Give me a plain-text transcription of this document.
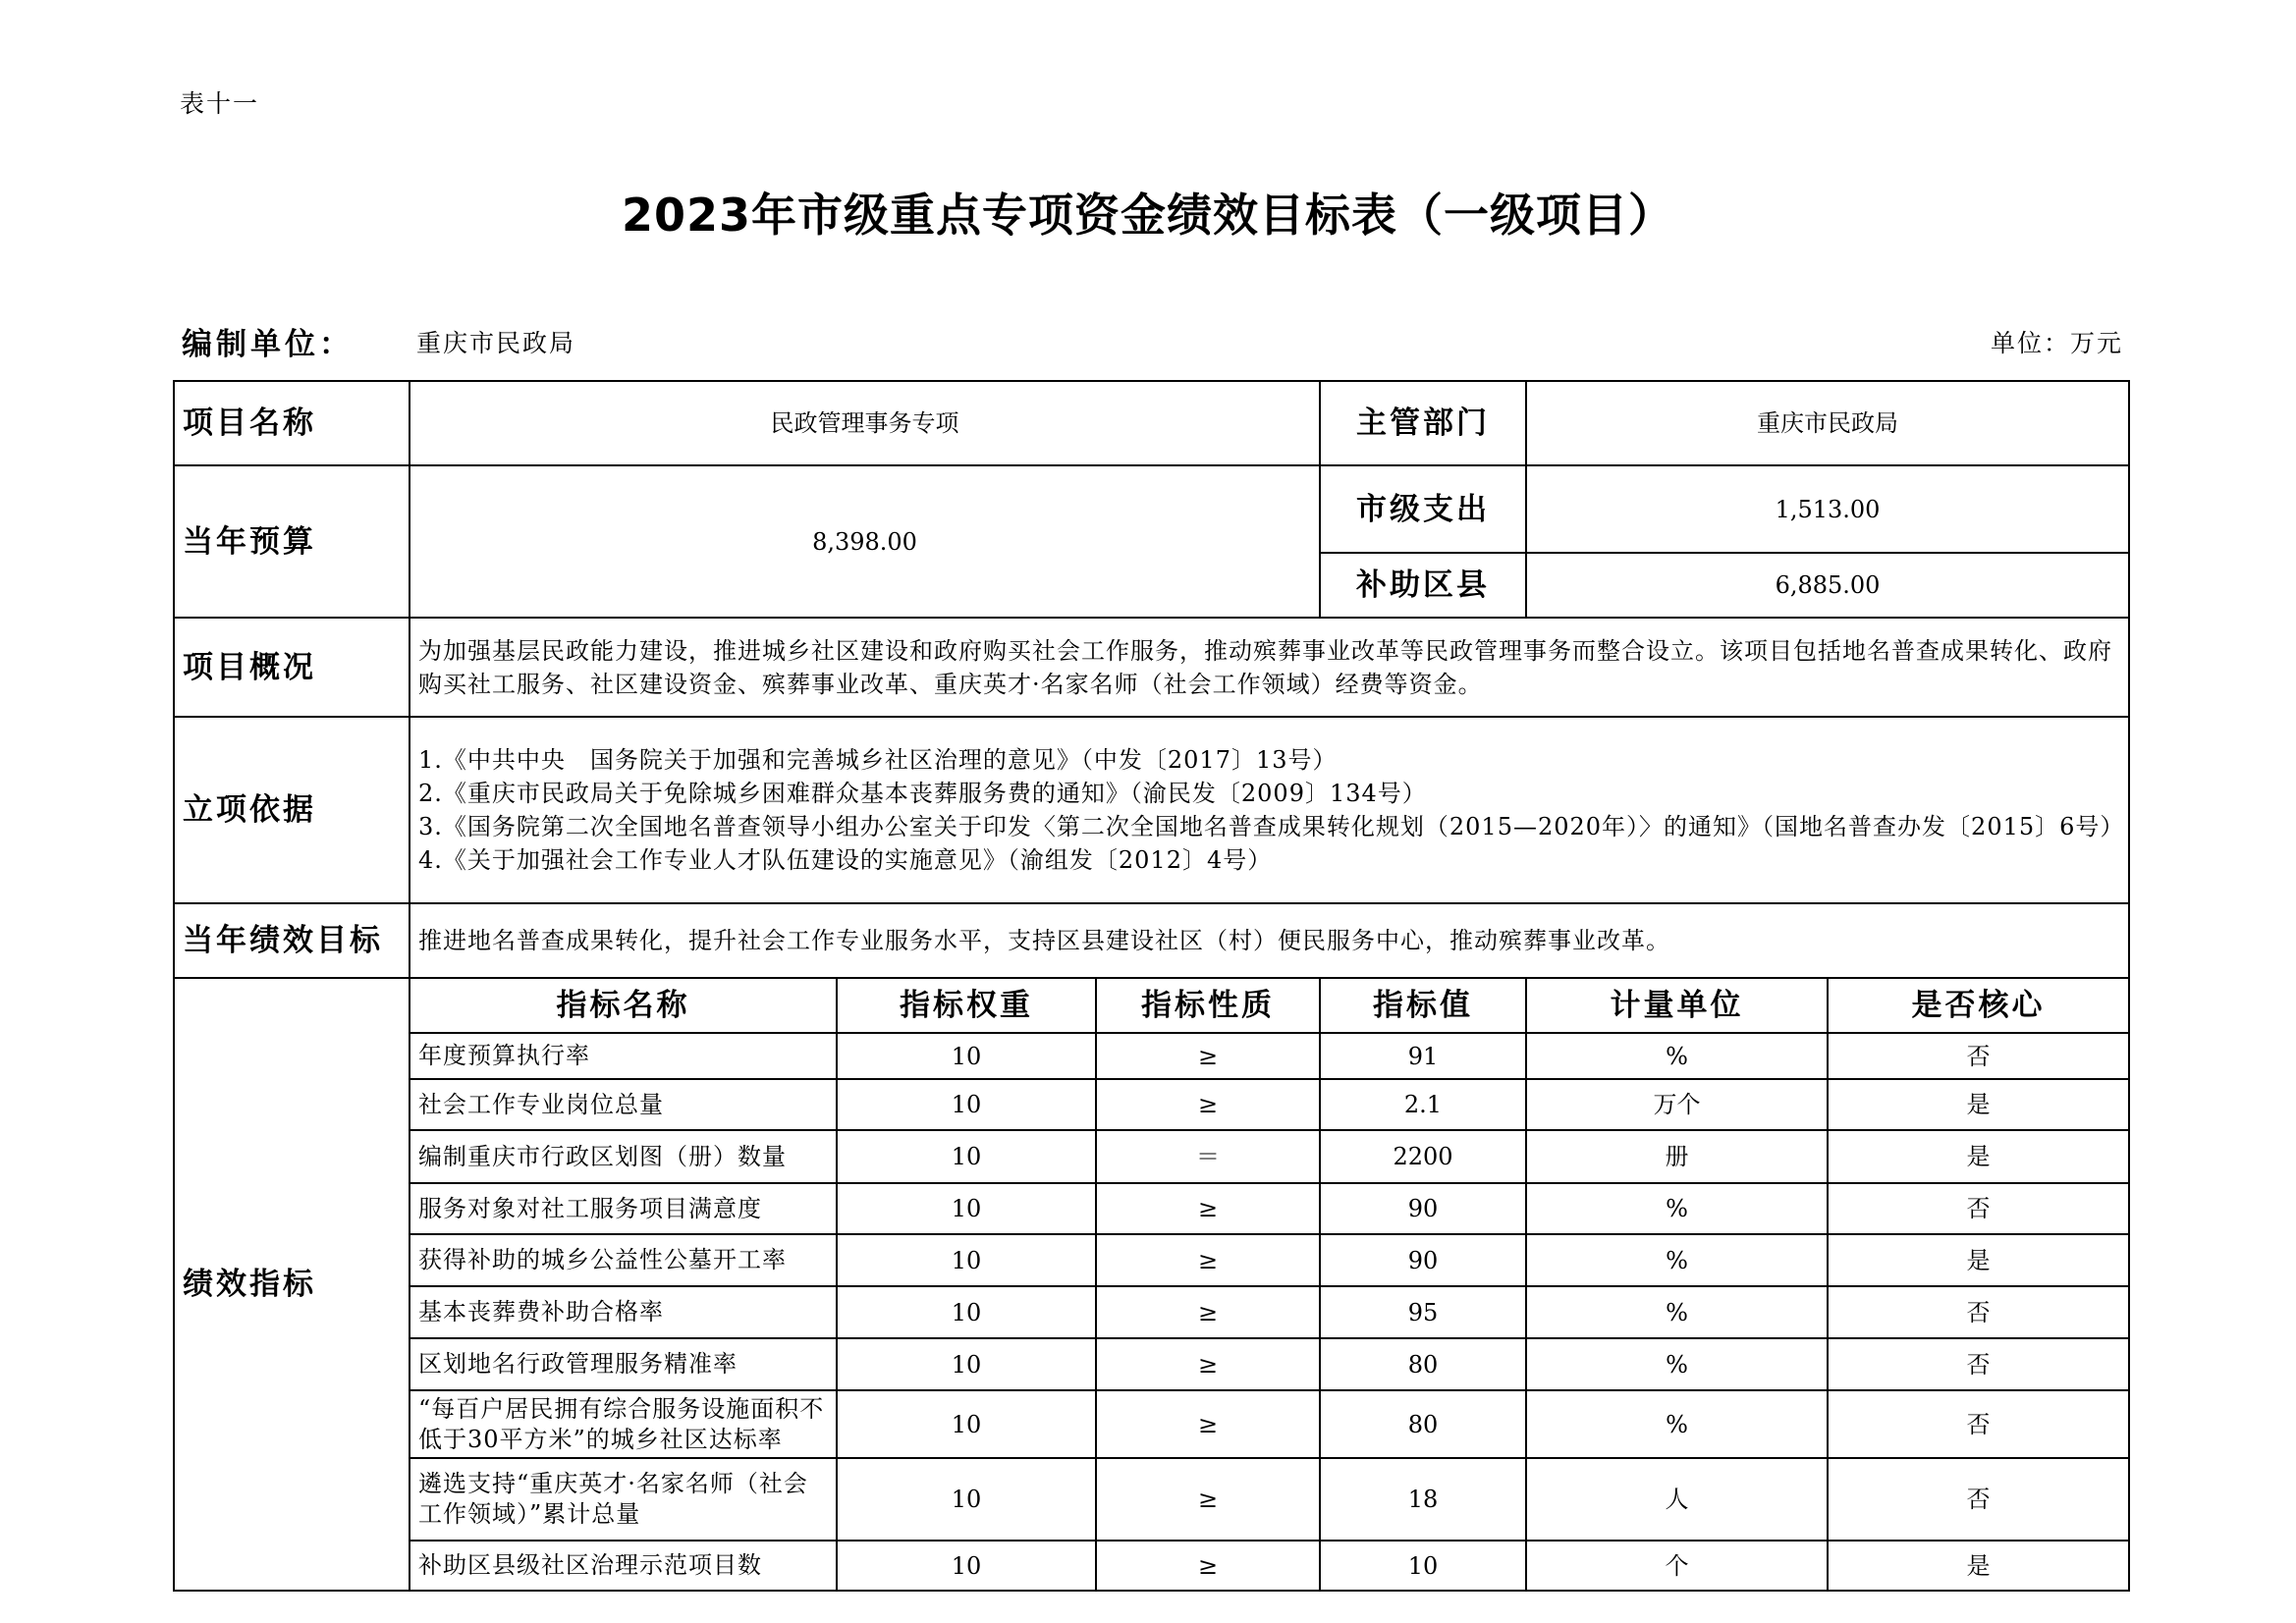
表十一
2023年市级重点专项资金绩效目标表（一级项目）
编制单位：	重庆市民政局	单位：万元
项目名称	民政管理事务专项			主管部门	重庆市民政局	
当年预算	8,398.00			市级支出	1,513.00	
				补助区县	6,885.00	
项目概况	为加强基层民政能力建设，推进城乡社区建设和政府购买社会工作服务，推动殡葬事业改革等民政管理事务而整合设立。该项目包括地名普查成果转化、政府购买社工服务、社区建设资金、殡葬事业改革、重庆英才·名家名师（社会工作领域）经费等资金。					
立项依据	1.《中共中央　国务院关于加强和完善城乡社区治理的意见》（中发〔2017〕13号）
2.《重庆市民政局关于免除城乡困难群众基本丧葬服务费的通知》（渝民发〔2009〕134号）
3.《国务院第二次全国地名普查领导小组办公室关于印发〈第二次全国地名普查成果转化规划（2015—2020年）〉的通知》（国地名普查办发〔2015〕6号）
4.《关于加强社会工作专业人才队伍建设的实施意见》（渝组发〔2012〕4号）					

当年绩效目标	推进地名普查成果转化，提升社会工作专业服务水平，支持区县建设社区（村）便民服务中心，推动殡葬事业改革。					
绩效指标	指标名称	指标权重	指标性质	指标值	计量单位	是否核心
	年度预算执行率	10	≥	91	%	否
	社会工作专业岗位总量	10	≥	2.1	万个	是
	编制重庆市行政区划图（册）数量	10	＝	2200	册	是
	服务对象对社工服务项目满意度	10	≥	90	%	否
	获得补助的城乡公益性公墓开工率	10	≥	90	%	是
	基本丧葬费补助合格率	10	≥	95	%	否
	区划地名行政管理服务精准率	10	≥	80	%	否
	“每百户居民拥有综合服务设施面积不低于30平方米”的城乡社区达标率	10	≥	80	%	否
	遴选支持“重庆英才·名家名师（社会工作领域）”累计总量	10	≥	18	人	否
	补助区县级社区治理示范项目数	10	≥	10	个	是
